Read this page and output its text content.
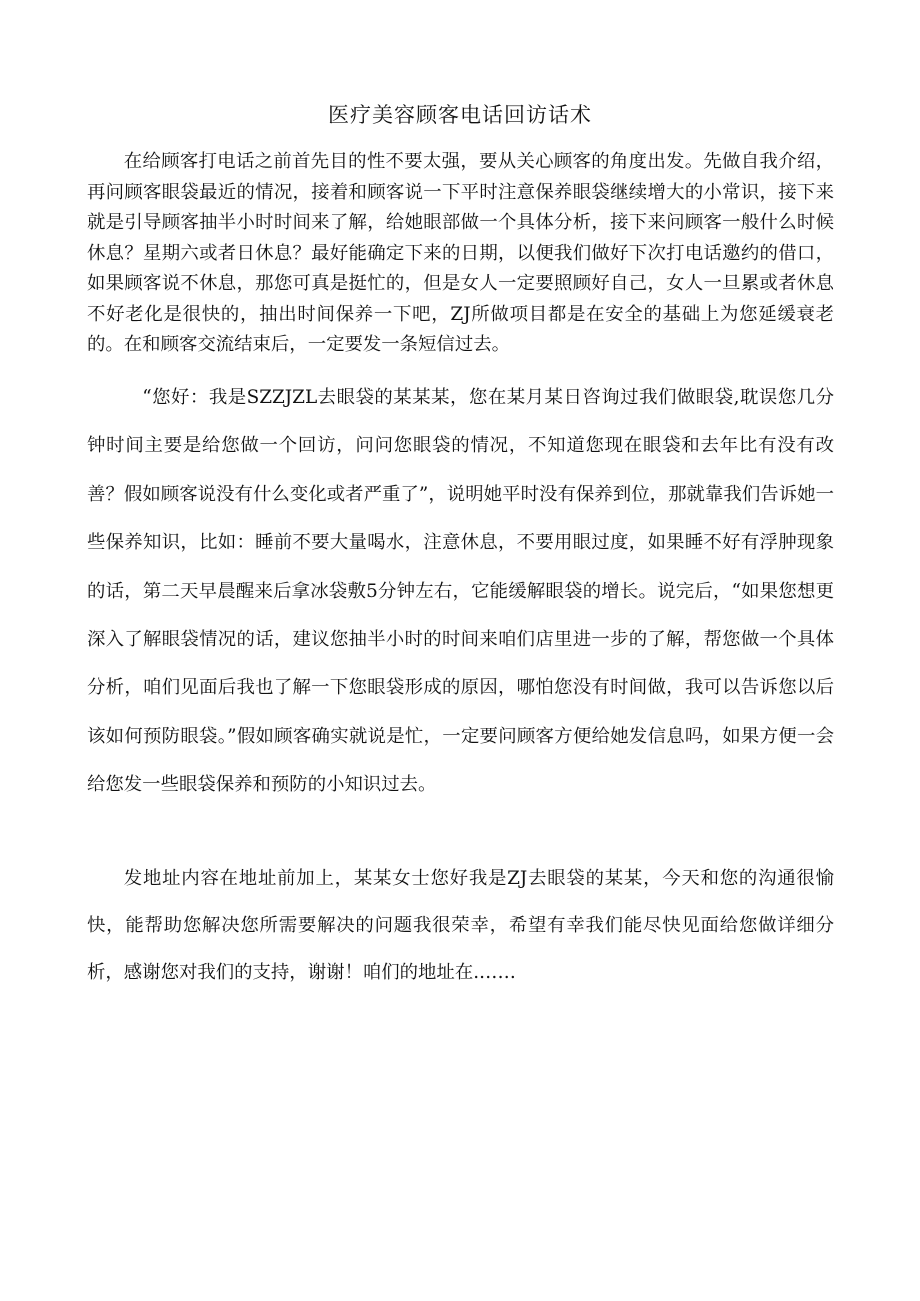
医疗美容顾客电话回访话术

在给顾客打电话之前首先目的性不要太强，要从关心顾客的角度出发。先做自我介绍，再问顾客眼袋最近的情况，接着和顾客说一下平时注意保养眼袋继续增大的小常识，接下来就是引导顾客抽半小时时间来了解，给她眼部做一个具体分析，接下来问顾客一般什么时候休息？星期六或者日休息？最好能确定下来的日期，以便我们做好下次打电话邀约的借口，如果顾客说不休息，那您可真是挺忙的，但是女人一定要照顾好自己，女人一旦累或者休息不好老化是很快的，抽出时间保养一下吧，ZJ所做项目都是在安全的基础上为您延缓衰老的。在和顾客交流结束后，一定要发一条短信过去。

“您好：我是SZZJZL去眼袋的某某某，您在某月某日咨询过我们做眼袋,耽误您几分钟时间主要是给您做一个回访，问问您眼袋的情况，不知道您现在眼袋和去年比有没有改善？假如顾客说没有什么变化或者严重了”，说明她平时没有保养到位，那就靠我们告诉她一些保养知识，比如：睡前不要大量喝水，注意休息，不要用眼过度，如果睡不好有浮肿现象的话，第二天早晨醒来后拿冰袋敷5分钟左右，它能缓解眼袋的增长。说完后，“如果您想更深入了解眼袋情况的话，建议您抽半小时的时间来咱们店里进一步的了解，帮您做一个具体分析，咱们见面后我也了解一下您眼袋形成的原因，哪怕您没有时间做，我可以告诉您以后该如何预防眼袋。”假如顾客确实就说是忙，一定要问顾客方便给她发信息吗，如果方便一会给您发一些眼袋保养和预防的小知识过去。

发地址内容在地址前加上，某某女士您好我是ZJ去眼袋的某某，今天和您的沟通很愉快，能帮助您解决您所需要解决的问题我很荣幸，希望有幸我们能尽快见面给您做详细分析，感谢您对我们的支持，谢谢！咱们的地址在.……
